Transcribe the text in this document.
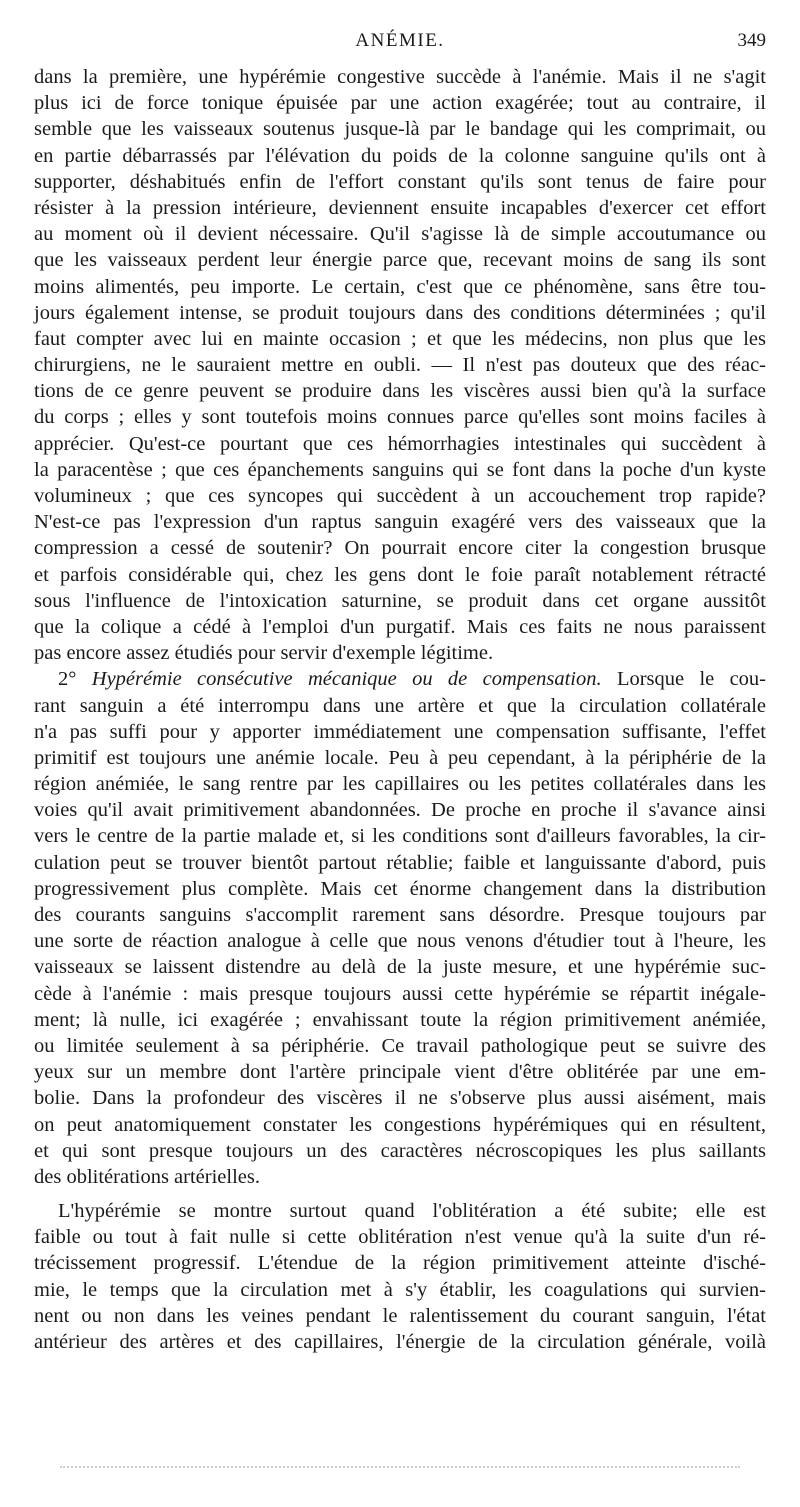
ANÉMIE.	349
dans la première, une hypérémie congestive succède à l'anémie. Mais il ne s'agit
plus ici de force tonique épuisée par une action exagérée; tout au contraire, il
semble que les vaisseaux soutenus jusque-là par le bandage qui les comprimait, ou
en partie débarrassés par l'élévation du poids de la colonne sanguine qu'ils ont à
supporter, déshabitués enfin de l'effort constant qu'ils sont tenus de faire pour
résister à la pression intérieure, deviennent ensuite incapables d'exercer cet effort
au moment où il devient nécessaire. Qu'il s'agisse là de simple accoutumance ou
que les vaisseaux perdent leur énergie parce que, recevant moins de sang ils sont
moins alimentés, peu importe. Le certain, c'est que ce phénomène, sans être tou-
jours également intense, se produit toujours dans des conditions déterminées ; qu'il
faut compter avec lui en mainte occasion ; et que les médecins, non plus que les
chirurgiens, ne le sauraient mettre en oubli. — Il n'est pas douteux que des réac-
tions de ce genre peuvent se produire dans les viscères aussi bien qu'à la surface
du corps ; elles y sont toutefois moins connues parce qu'elles sont moins faciles à
apprécier. Qu'est-ce pourtant que ces hémorrhagies intestinales qui succèdent à
la paracentèse ; que ces épanchements sanguins qui se font dans la poche d'un kyste
volumineux ; que ces syncopes qui succèdent à un accouchement trop rapide?
N'est-ce pas l'expression d'un raptus sanguin exagéré vers des vaisseaux que la
compression a cessé de soutenir? On pourrait encore citer la congestion brusque
et parfois considérable qui, chez les gens dont le foie paraît notablement rétracté
sous l'influence de l'intoxication saturnine, se produit dans cet organe aussitôt
que la colique a cédé à l'emploi d'un purgatif. Mais ces faits ne nous paraissent
pas encore assez étudiés pour servir d'exemple légitime.
2° Hypérémie consécutive mécanique ou de compensation. Lorsque le cou-
rant sanguin a été interrompu dans une artère et que la circulation collatérale
n'a pas suffi pour y apporter immédiatement une compensation suffisante, l'effet
primitif est toujours une anémie locale. Peu à peu cependant, à la périphérie de la
région anémiée, le sang rentre par les capillaires ou les petites collatérales dans les
voies qu'il avait primitivement abandonnées. De proche en proche il s'avance ainsi
vers le centre de la partie malade et, si les conditions sont d'ailleurs favorables, la cir-
culation peut se trouver bientôt partout rétablie; faible et languissante d'abord, puis
progressivement plus complète. Mais cet énorme changement dans la distribution
des courants sanguins s'accomplit rarement sans désordre. Presque toujours par
une sorte de réaction analogue à celle que nous venons d'étudier tout à l'heure, les
vaisseaux se laissent distendre au delà de la juste mesure, et une hypérémie suc-
cède à l'anémie : mais presque toujours aussi cette hypérémie se répartit inégale-
ment; là nulle, ici exagérée ; envahissant toute la région primitivement anémiée,
ou limitée seulement à sa périphérie. Ce travail pathologique peut se suivre des
yeux sur un membre dont l'artère principale vient d'être oblitérée par une em-
bolie. Dans la profondeur des viscères il ne s'observe plus aussi aisément, mais
on peut anatomiquement constater les congestions hypérémiques qui en résultent,
et qui sont presque toujours un des caractères nécroscopiques les plus saillants
des oblitérations artérielles.
L'hypérémie se montre surtout quand l'oblitération a été subite; elle est
faible ou tout à fait nulle si cette oblitération n'est venue qu'à la suite d'un ré-
trécissement progressif. L'étendue de la région primitivement atteinte d'isché-
mie, le temps que la circulation met à s'y établir, les coagulations qui survien-
nent ou non dans les veines pendant le ralentissement du courant sanguin, l'état
antérieur des artères et des capillaires, l'énergie de la circulation générale, voilà
